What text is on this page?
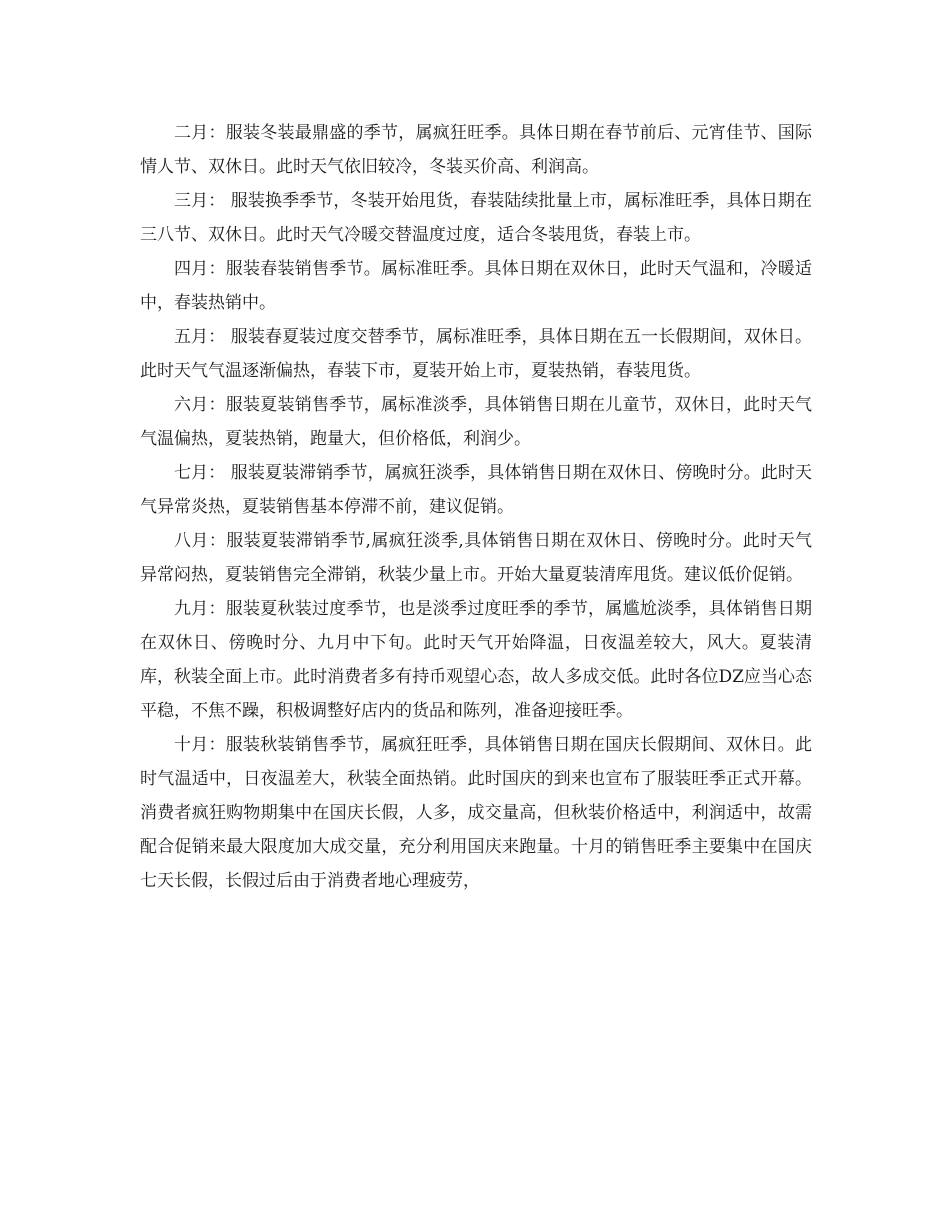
二月：服装冬装最鼎盛的季节，属疯狂旺季。具体日期在春节前后、元宵佳节、国际情人节、双休日。此时天气依旧较冷，冬装买价高、利润高。

三月： 服装换季季节，冬装开始甩货，春装陆续批量上市，属标准旺季，具体日期在三八节、双休日。此时天气冷暖交替温度过度，适合冬装甩货，春装上市。

四月：服装春装销售季节。属标准旺季。具体日期在双休日，此时天气温和，冷暖适中，春装热销中。

五月： 服装春夏装过度交替季节，属标准旺季，具体日期在五一长假期间，双休日。此时天气气温逐渐偏热，春装下市，夏装开始上市，夏装热销，春装甩货。

六月：服装夏装销售季节，属标准淡季，具体销售日期在儿童节，双休日，此时天气气温偏热，夏装热销，跑量大，但价格低，利润少。

七月： 服装夏装滞销季节，属疯狂淡季，具体销售日期在双休日、傍晚时分。此时天气异常炎热，夏装销售基本停滞不前，建议促销。

八月：服装夏装滞销季节,属疯狂淡季,具体销售日期在双休日、傍晚时分。此时天气异常闷热，夏装销售完全滞销，秋装少量上市。开始大量夏装清库甩货。建议低价促销。

九月：服装夏秋装过度季节，也是淡季过度旺季的季节，属尴尬淡季，具体销售日期在双休日、傍晚时分、九月中下旬。此时天气开始降温，日夜温差较大，风大。夏装清库，秋装全面上市。此时消费者多有持币观望心态，故人多成交低。此时各位DZ应当心态平稳，不焦不躁，积极调整好店内的货品和陈列，准备迎接旺季。

十月：服装秋装销售季节，属疯狂旺季，具体销售日期在国庆长假期间、双休日。此时气温适中，日夜温差大，秋装全面热销。此时国庆的到来也宣布了服装旺季正式开幕。消费者疯狂购物期集中在国庆长假，人多，成交量高，但秋装价格适中，利润适中，故需配合促销来最大限度加大成交量，充分利用国庆来跑量。十月的销售旺季主要集中在国庆七天长假，长假过后由于消费者地心理疲劳，
